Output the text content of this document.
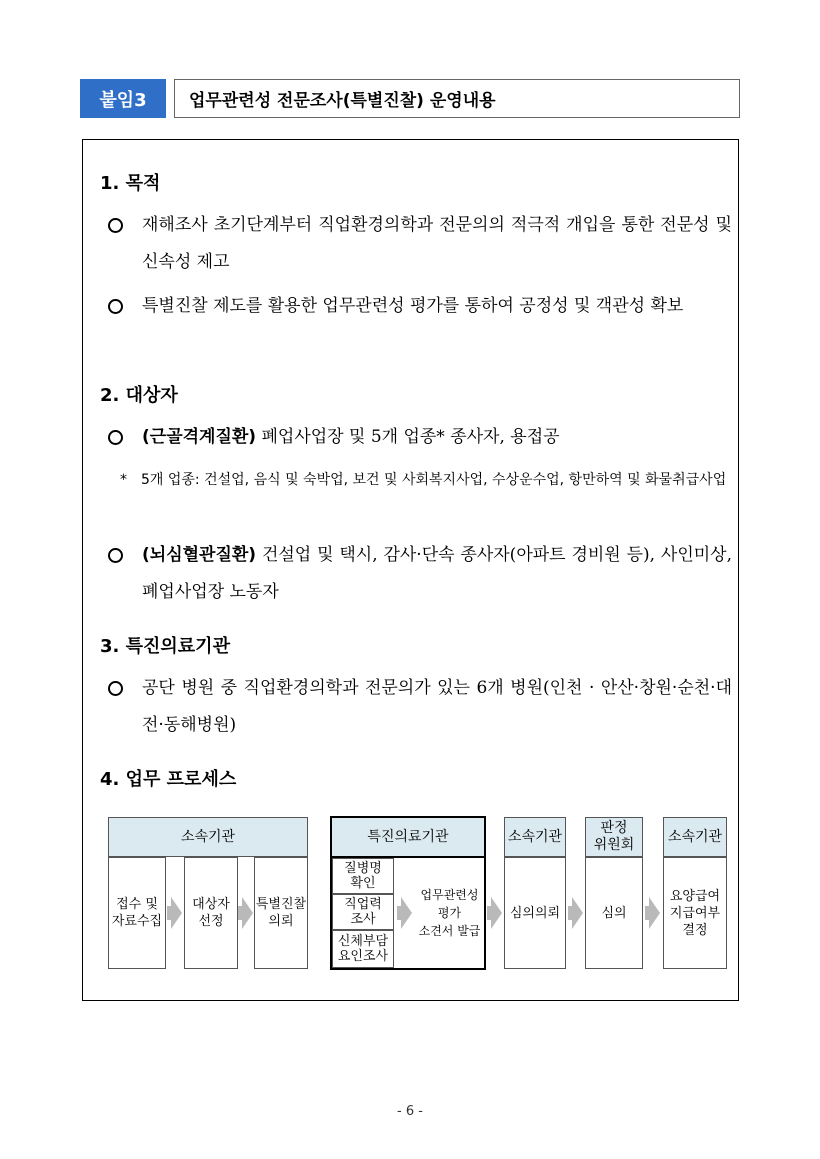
붙임3	업무관련성 전문조사(특별진찰) 운영내용
1. 목적
재해조사 초기단계부터 직업환경의학과 전문의의 적극적 개입을 통한 전문성 및 신속성 제고
특별진찰 제도를 활용한 업무관련성 평가를 통하여 공정성 및 객관성 확보
2. 대상자
(근골격계질환) 폐업사업장 및 5개 업종* 종사자, 용접공
* 5개 업종: 건설업, 음식 및 숙박업, 보건 및 사회복지사업, 수상운수업, 항만하역 및 화물취급사업
(뇌심혈관질환) 건설업 및 택시, 감사·단속 종사자(아파트 경비원 등), 사인미상, 폐업사업장 노동자
3. 특진의료기관
공단 병원 중 직업환경의학과 전문의가 있는 6개 병원(인천 · 안산·창원·순천·대전·동해병원)
4. 업무 프로세스
소속기관	특진의료기관	소속기관
판정
위원회
소속기관
접수 및
자료수집
대상자
선정
특별진찰
의뢰
질병명
확인
직업력
조사
신체부담
요인조사
업무관련성
평가
소견서 발급
심의의뢰	심의
요양급여
지급여부
결정
- 6 -
